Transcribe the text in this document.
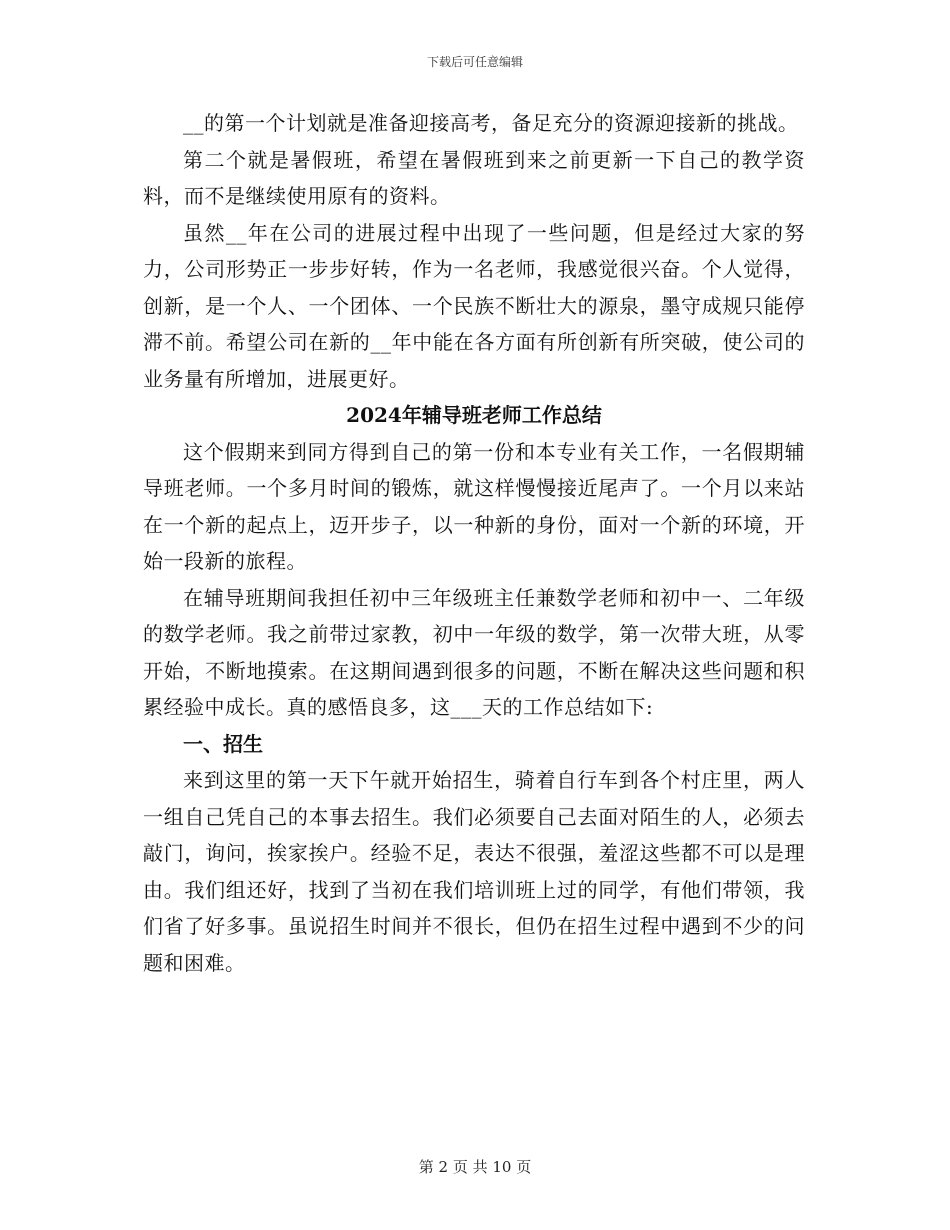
下载后可任意编辑

__的第一个计划就是准备迎接高考，备足充分的资源迎接新的挑战。

第二个就是暑假班，希望在暑假班到来之前更新一下自己的教学资料，而不是继续使用原有的资料。

虽然__年在公司的进展过程中出现了一些问题，但是经过大家的努力，公司形势正一步步好转，作为一名老师，我感觉很兴奋。个人觉得，创新，是一个人、一个团体、一个民族不断壮大的源泉，墨守成规只能停滞不前。希望公司在新的__年中能在各方面有所创新有所突破，使公司的业务量有所增加，进展更好。

2024年辅导班老师工作总结

这个假期来到同方得到自己的第一份和本专业有关工作，一名假期辅导班老师。一个多月时间的锻炼，就这样慢慢接近尾声了。一个月以来站在一个新的起点上，迈开步子，以一种新的身份，面对一个新的环境，开始一段新的旅程。

在辅导班期间我担任初中三年级班主任兼数学老师和初中一、二年级的数学老师。我之前带过家教，初中一年级的数学，第一次带大班，从零开始，不断地摸索。在这期间遇到很多的问题，不断在解决这些问题和积累经验中成长。真的感悟良多，这___天的工作总结如下:

一、招生

来到这里的第一天下午就开始招生，骑着自行车到各个村庄里，两人一组自己凭自己的本事去招生。我们必须要自己去面对陌生的人，必须去敲门，询问，挨家挨户。经验不足，表达不很强，羞涩这些都不可以是理由。我们组还好，找到了当初在我们培训班上过的同学，有他们带领，我们省了好多事。虽说招生时间并不很长，但仍在招生过程中遇到不少的问题和困难。

第 2 页 共 10 页
